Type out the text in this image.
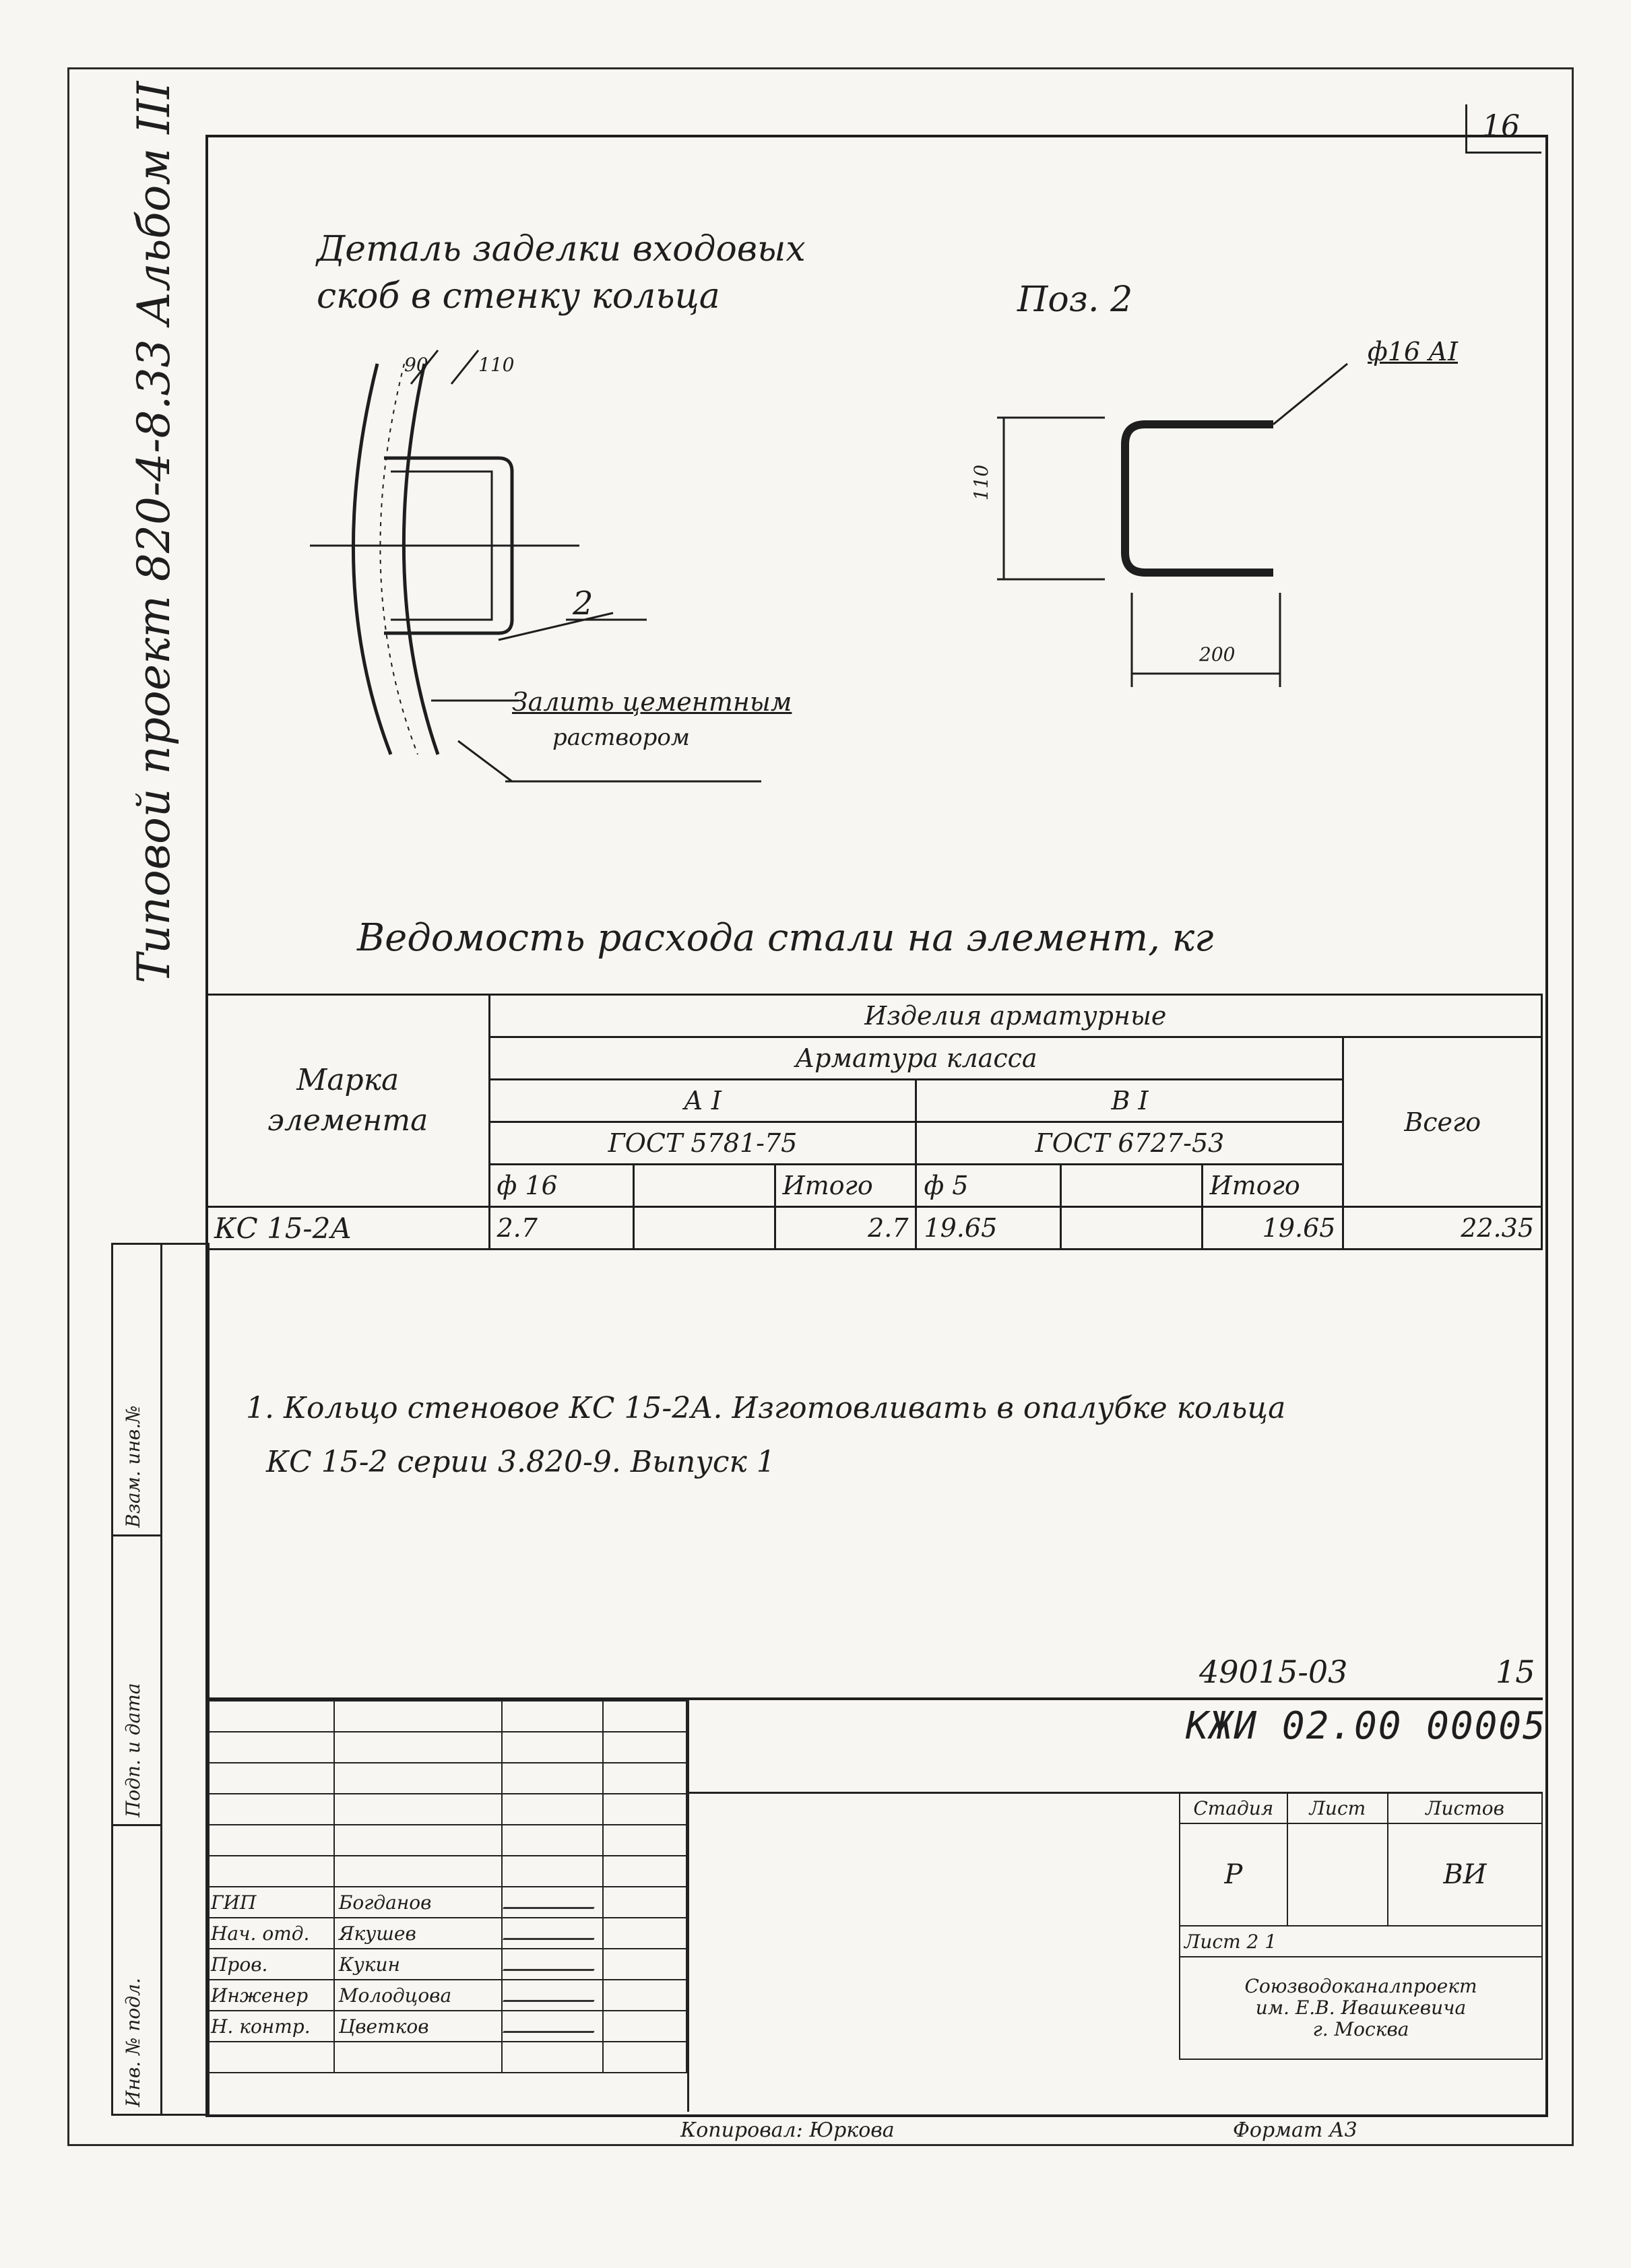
16
Типовой проект 820-4-8.33 Альбом III
Взам. инв.№
Подп. и дата
Инв. № подл.
Деталь заделки входовых
скоб в стенку кольца
90	110
2
Залить цементным
раствором
Поз. 2
ф16 АI
110
200
Ведомость расхода стали на элемент, кг
Марка элемента	Изделия арматурные						
	Арматура класса						Всего
	А I			В I			
	ГОСТ 5781-75			ГОСТ 6727-53			
	ф 16		Итого	ф 5		Итого	
КС 15-2А	2.7		2.7	19.65		19.65	22.35
1. Кольцо стеновое КС 15-2А. Изготовливать в опалубке кольца
КС 15-2 серии 3.820-9. Выпуск 1
49015-03	15

ГИП	Богданов		
Нач. отд.	Якушев		
Пров.	Кукин		
Инженер	Молодцова		
Н. контр.	Цветков		

КЖИ 02.00 00005
Стадия	Лист	Листов
Р		ВИ
Лист 2 1		

Союзводоканалпроект
им. Е.В. Ивашкевича
г. Москва		
Копировал: Юркова	Формат А3
